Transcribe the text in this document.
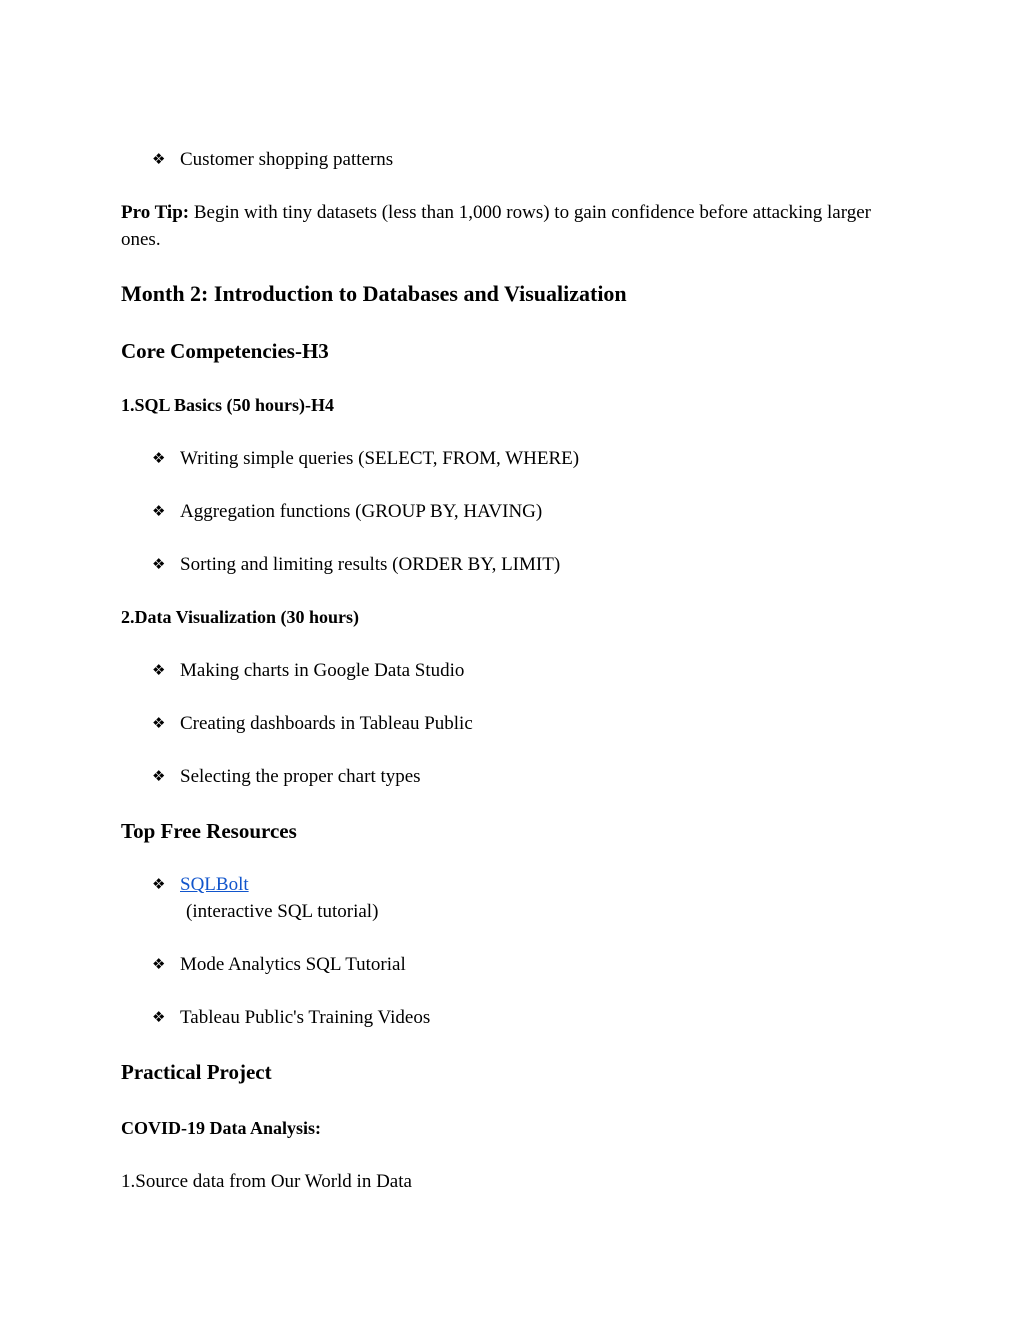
❖ Customer shopping patterns
Pro Tip: Begin with tiny datasets (less than 1,000 rows) to gain confidence before attacking larger ones.
Month 2: Introduction to Databases and Visualization
Core Competencies-H3
1.SQL Basics (50 hours)-H4
❖ Writing simple queries (SELECT, FROM, WHERE)
❖ Aggregation functions (GROUP BY, HAVING)
❖ Sorting and limiting results (ORDER BY, LIMIT)
2.Data Visualization (30 hours)
❖ Making charts in Google Data Studio
❖ Creating dashboards in Tableau Public
❖ Selecting the proper chart types
Top Free Resources
❖ SQLBolt
(interactive SQL tutorial)
❖ Mode Analytics SQL Tutorial
❖ Tableau Public's Training Videos
Practical Project
COVID-19 Data Analysis:
1.Source data from Our World in Data
